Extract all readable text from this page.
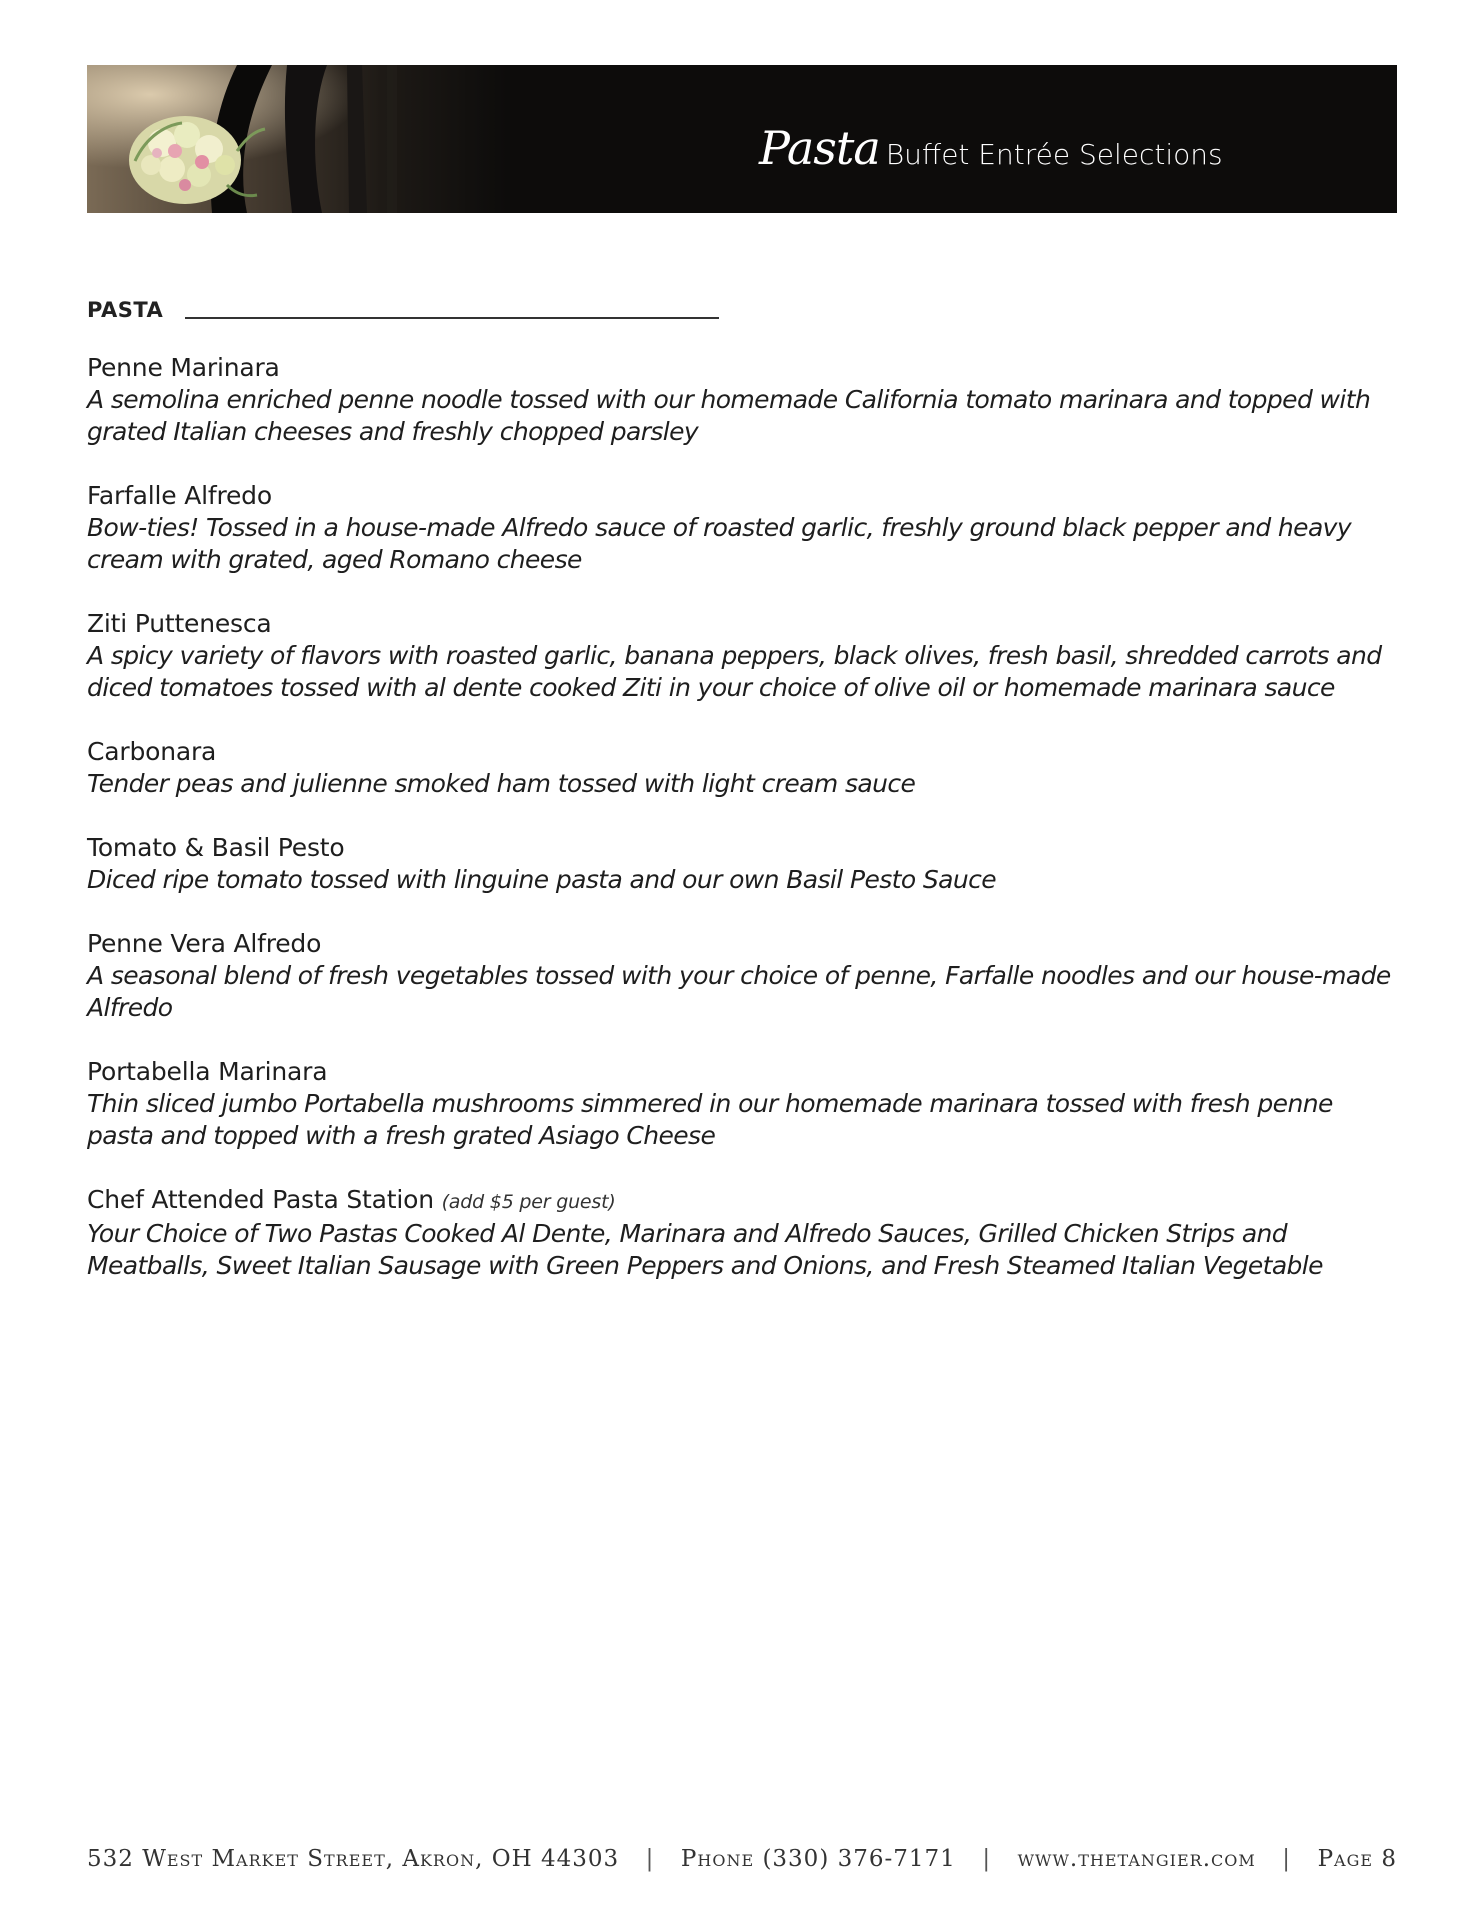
Pasta Buffet Entrée Selections
PASTA
Penne Marinara
A semolina enriched penne noodle tossed with our homemade California tomato marinara and topped with grated Italian cheeses and freshly chopped parsley
Farfalle Alfredo
Bow-ties! Tossed in a house-made Alfredo sauce of roasted garlic, freshly ground black pepper and heavy cream with grated, aged Romano cheese
Ziti Puttenesca
A spicy variety of flavors with roasted garlic, banana peppers, black olives, fresh basil, shredded carrots and diced tomatoes tossed with al dente cooked Ziti in your choice of olive oil or homemade marinara sauce
Carbonara
Tender peas and julienne smoked ham tossed with light cream sauce
Tomato & Basil Pesto
Diced ripe tomato tossed with linguine pasta and our own Basil Pesto Sauce
Penne Vera Alfredo
A seasonal blend of fresh vegetables tossed with your choice of penne, Farfalle noodles and our house-made Alfredo
Portabella Marinara
Thin sliced jumbo Portabella mushrooms simmered in our homemade marinara tossed with fresh penne pasta and topped with a fresh grated Asiago Cheese
Chef Attended Pasta Station (add $5 per guest)
Your Choice of Two Pastas Cooked Al Dente, Marinara and Alfredo Sauces, Grilled Chicken Strips and Meatballs, Sweet Italian Sausage with Green Peppers and Onions, and Fresh Steamed Italian Vegetable
532 West Market Street, Akron, OH 44303 | Phone (330) 376-7171 | www.thetangier.com | Page 8
